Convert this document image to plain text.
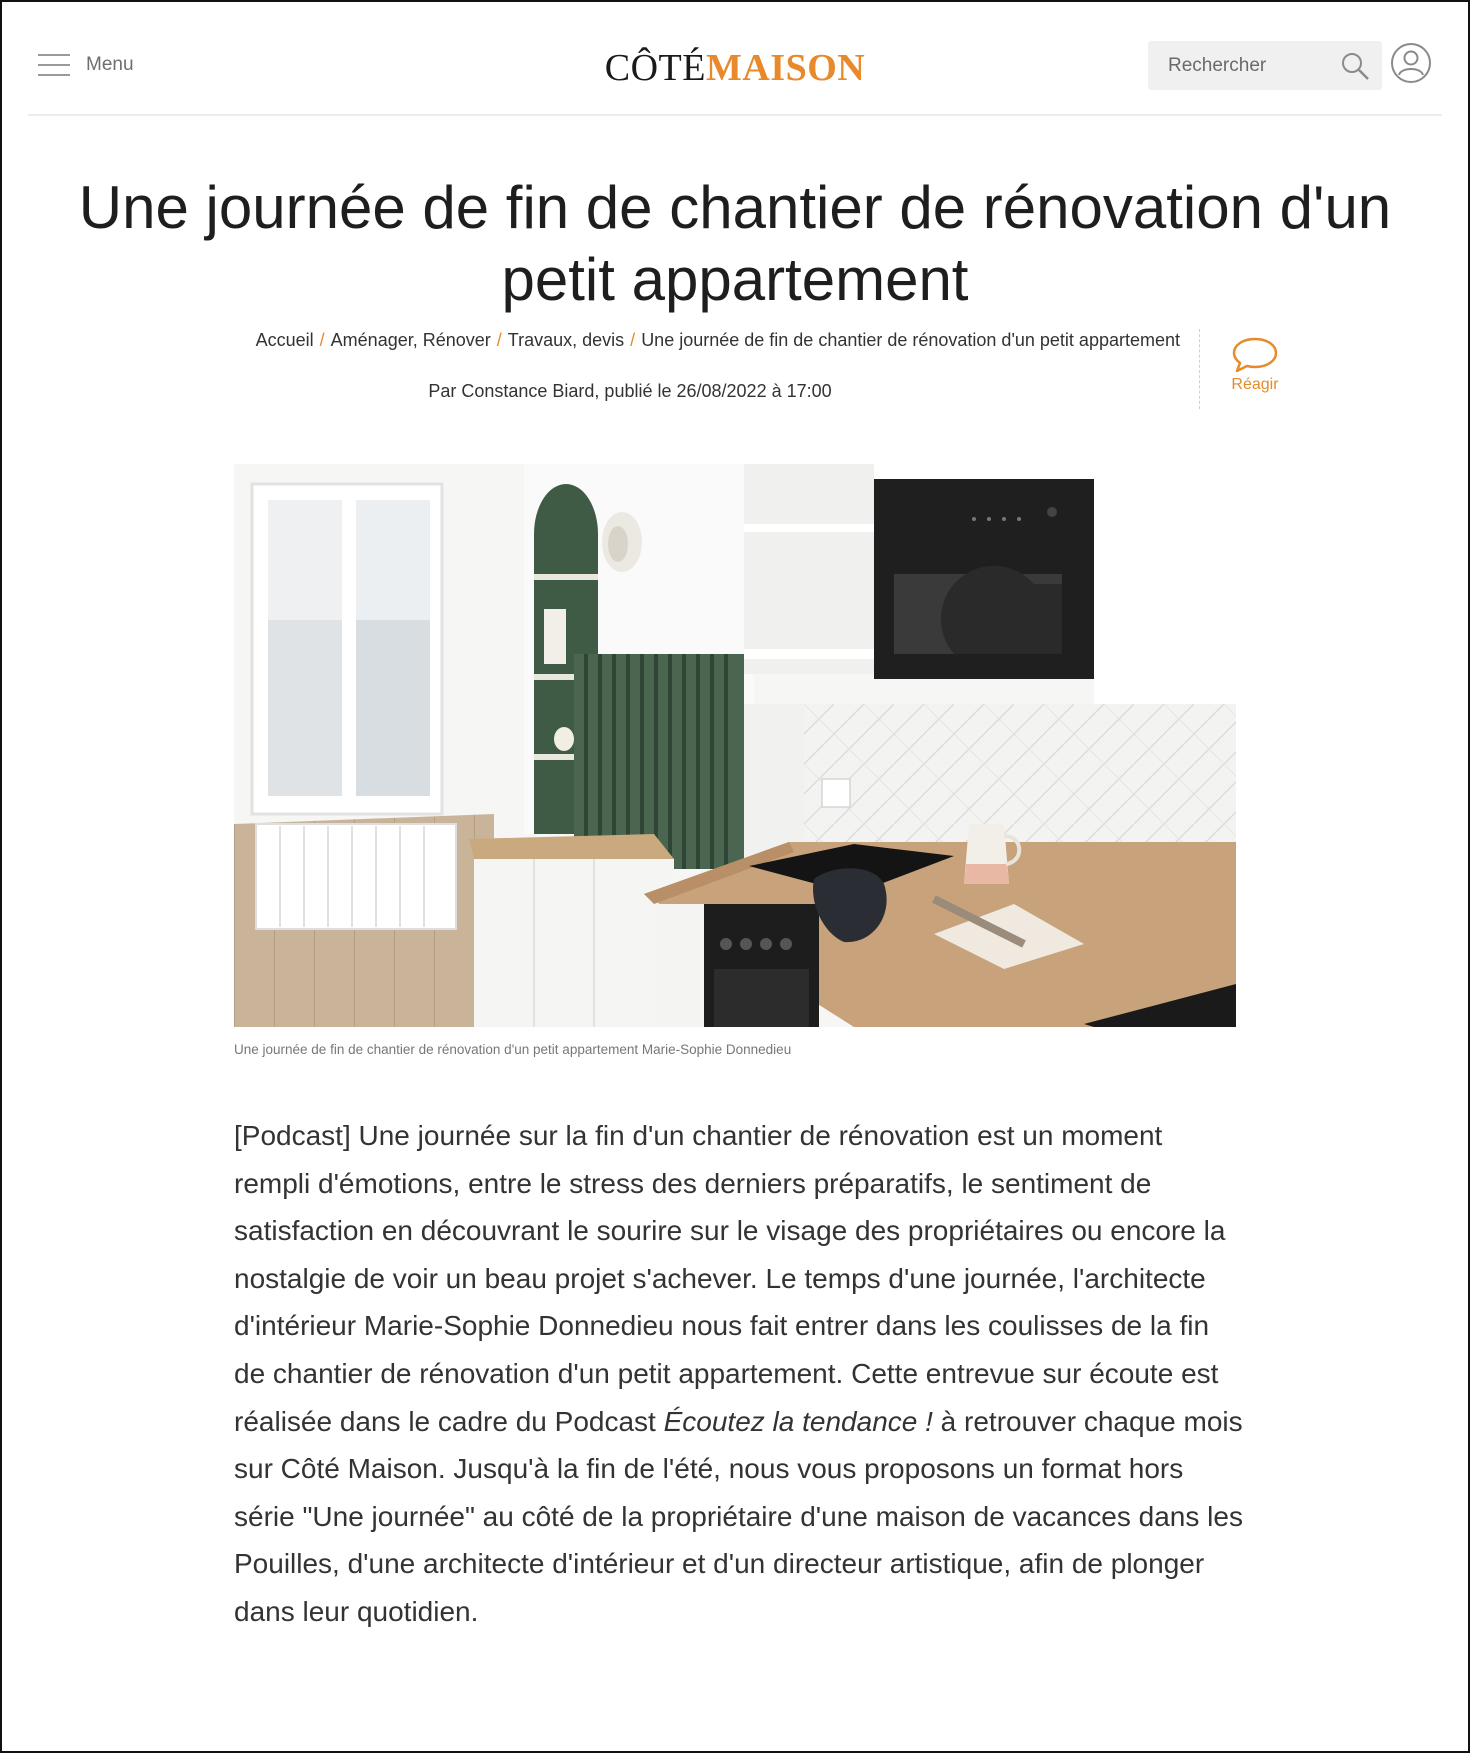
Menu	CÔTÉMAISON
Rechercher
Une journée de fin de chantier de rénovation d'un petit appartement
Accueil / Aménager, Rénover / Travaux, devis / Une journée de fin de chantier de rénovation d'un petit appartement
Par Constance Biard, publié le 26/08/2022 à 17:00	Réagir
Une journée de fin de chantier de rénovation d'un petit appartement Marie-Sophie Donnedieu

[Podcast] Une journée sur la fin d'un chantier de rénovation est un moment rempli d'émotions, entre le stress des derniers préparatifs, le sentiment de satisfaction en découvrant le sourire sur le visage des propriétaires ou encore la nostalgie de voir un beau projet s'achever. Le temps d'une journée, l'architecte d'intérieur Marie-Sophie Donnedieu nous fait entrer dans les coulisses de la fin de chantier de rénovation d'un petit appartement. Cette entrevue sur écoute est réalisée dans le cadre du Podcast Écoutez la tendance ! à retrouver chaque mois sur Côté Maison. Jusqu'à la fin de l'été, nous vous proposons un format hors série "Une journée" au côté de la propriétaire d'une maison de vacances dans les Pouilles, d'une architecte d'intérieur et d'un directeur artistique, afin de plonger dans leur quotidien.
